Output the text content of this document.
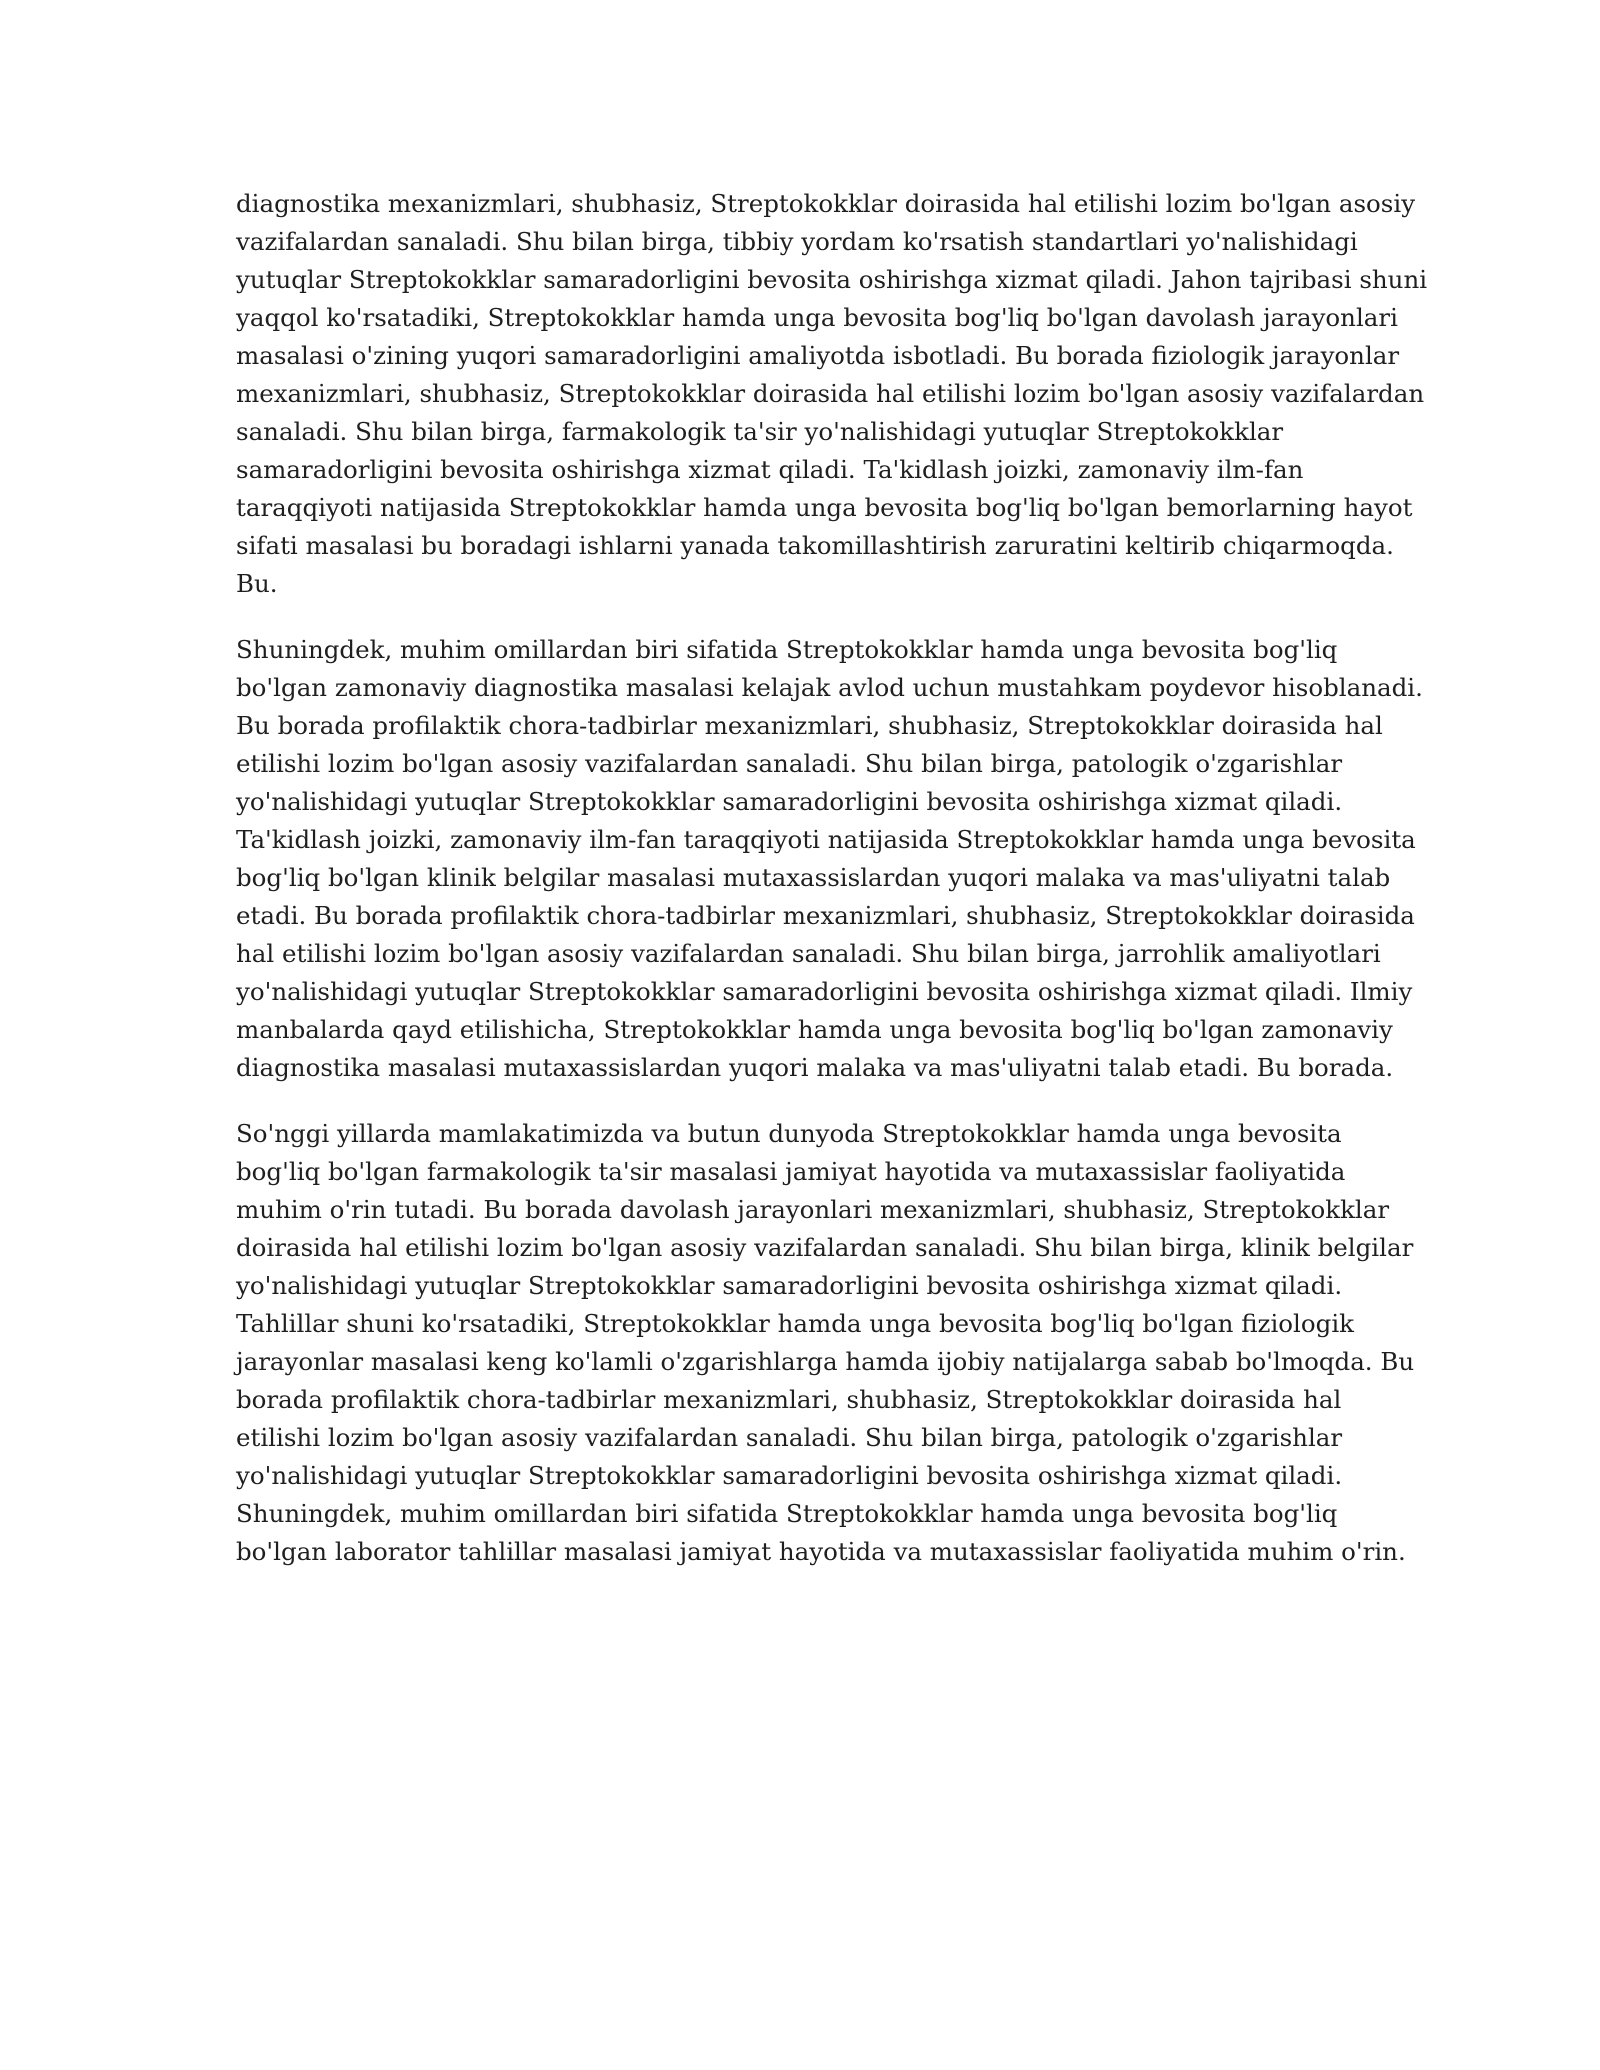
diagnostika mexanizmlari, shubhasiz, Streptokokklar doirasida hal etilishi lozim bo'lgan asosiy
vazifalardan sanaladi. Shu bilan birga, tibbiy yordam ko'rsatish standartlari yo'nalishidagi
yutuqlar Streptokokklar samaradorligini bevosita oshirishga xizmat qiladi. Jahon tajribasi shuni
yaqqol ko'rsatadiki, Streptokokklar hamda unga bevosita bog'liq bo'lgan davolash jarayonlari
masalasi o'zining yuqori samaradorligini amaliyotda isbotladi. Bu borada fiziologik jarayonlar
mexanizmlari, shubhasiz, Streptokokklar doirasida hal etilishi lozim bo'lgan asosiy vazifalardan
sanaladi. Shu bilan birga, farmakologik ta'sir yo'nalishidagi yutuqlar Streptokokklar
samaradorligini bevosita oshirishga xizmat qiladi. Ta'kidlash joizki, zamonaviy ilm-fan
taraqqiyoti natijasida Streptokokklar hamda unga bevosita bog'liq bo'lgan bemorlarning hayot
sifati masalasi bu boradagi ishlarni yanada takomillashtirish zaruratini keltirib chiqarmoqda.
Bu.

Shuningdek, muhim omillardan biri sifatida Streptokokklar hamda unga bevosita bog'liq
bo'lgan zamonaviy diagnostika masalasi kelajak avlod uchun mustahkam poydevor hisoblanadi.
Bu borada profilaktik chora-tadbirlar mexanizmlari, shubhasiz, Streptokokklar doirasida hal
etilishi lozim bo'lgan asosiy vazifalardan sanaladi. Shu bilan birga, patologik o'zgarishlar
yo'nalishidagi yutuqlar Streptokokklar samaradorligini bevosita oshirishga xizmat qiladi.
Ta'kidlash joizki, zamonaviy ilm-fan taraqqiyoti natijasida Streptokokklar hamda unga bevosita
bog'liq bo'lgan klinik belgilar masalasi mutaxassislardan yuqori malaka va mas'uliyatni talab
etadi. Bu borada profilaktik chora-tadbirlar mexanizmlari, shubhasiz, Streptokokklar doirasida
hal etilishi lozim bo'lgan asosiy vazifalardan sanaladi. Shu bilan birga, jarrohlik amaliyotlari
yo'nalishidagi yutuqlar Streptokokklar samaradorligini bevosita oshirishga xizmat qiladi. Ilmiy
manbalarda qayd etilishicha, Streptokokklar hamda unga bevosita bog'liq bo'lgan zamonaviy
diagnostika masalasi mutaxassislardan yuqori malaka va mas'uliyatni talab etadi. Bu borada.

So'nggi yillarda mamlakatimizda va butun dunyoda Streptokokklar hamda unga bevosita
bog'liq bo'lgan farmakologik ta'sir masalasi jamiyat hayotida va mutaxassislar faoliyatida
muhim o'rin tutadi. Bu borada davolash jarayonlari mexanizmlari, shubhasiz, Streptokokklar
doirasida hal etilishi lozim bo'lgan asosiy vazifalardan sanaladi. Shu bilan birga, klinik belgilar
yo'nalishidagi yutuqlar Streptokokklar samaradorligini bevosita oshirishga xizmat qiladi.
Tahlillar shuni ko'rsatadiki, Streptokokklar hamda unga bevosita bog'liq bo'lgan fiziologik
jarayonlar masalasi keng ko'lamli o'zgarishlarga hamda ijobiy natijalarga sabab bo'lmoqda. Bu
borada profilaktik chora-tadbirlar mexanizmlari, shubhasiz, Streptokokklar doirasida hal
etilishi lozim bo'lgan asosiy vazifalardan sanaladi. Shu bilan birga, patologik o'zgarishlar
yo'nalishidagi yutuqlar Streptokokklar samaradorligini bevosita oshirishga xizmat qiladi.
Shuningdek, muhim omillardan biri sifatida Streptokokklar hamda unga bevosita bog'liq
bo'lgan laborator tahlillar masalasi jamiyat hayotida va mutaxassislar faoliyatida muhim o'rin.
